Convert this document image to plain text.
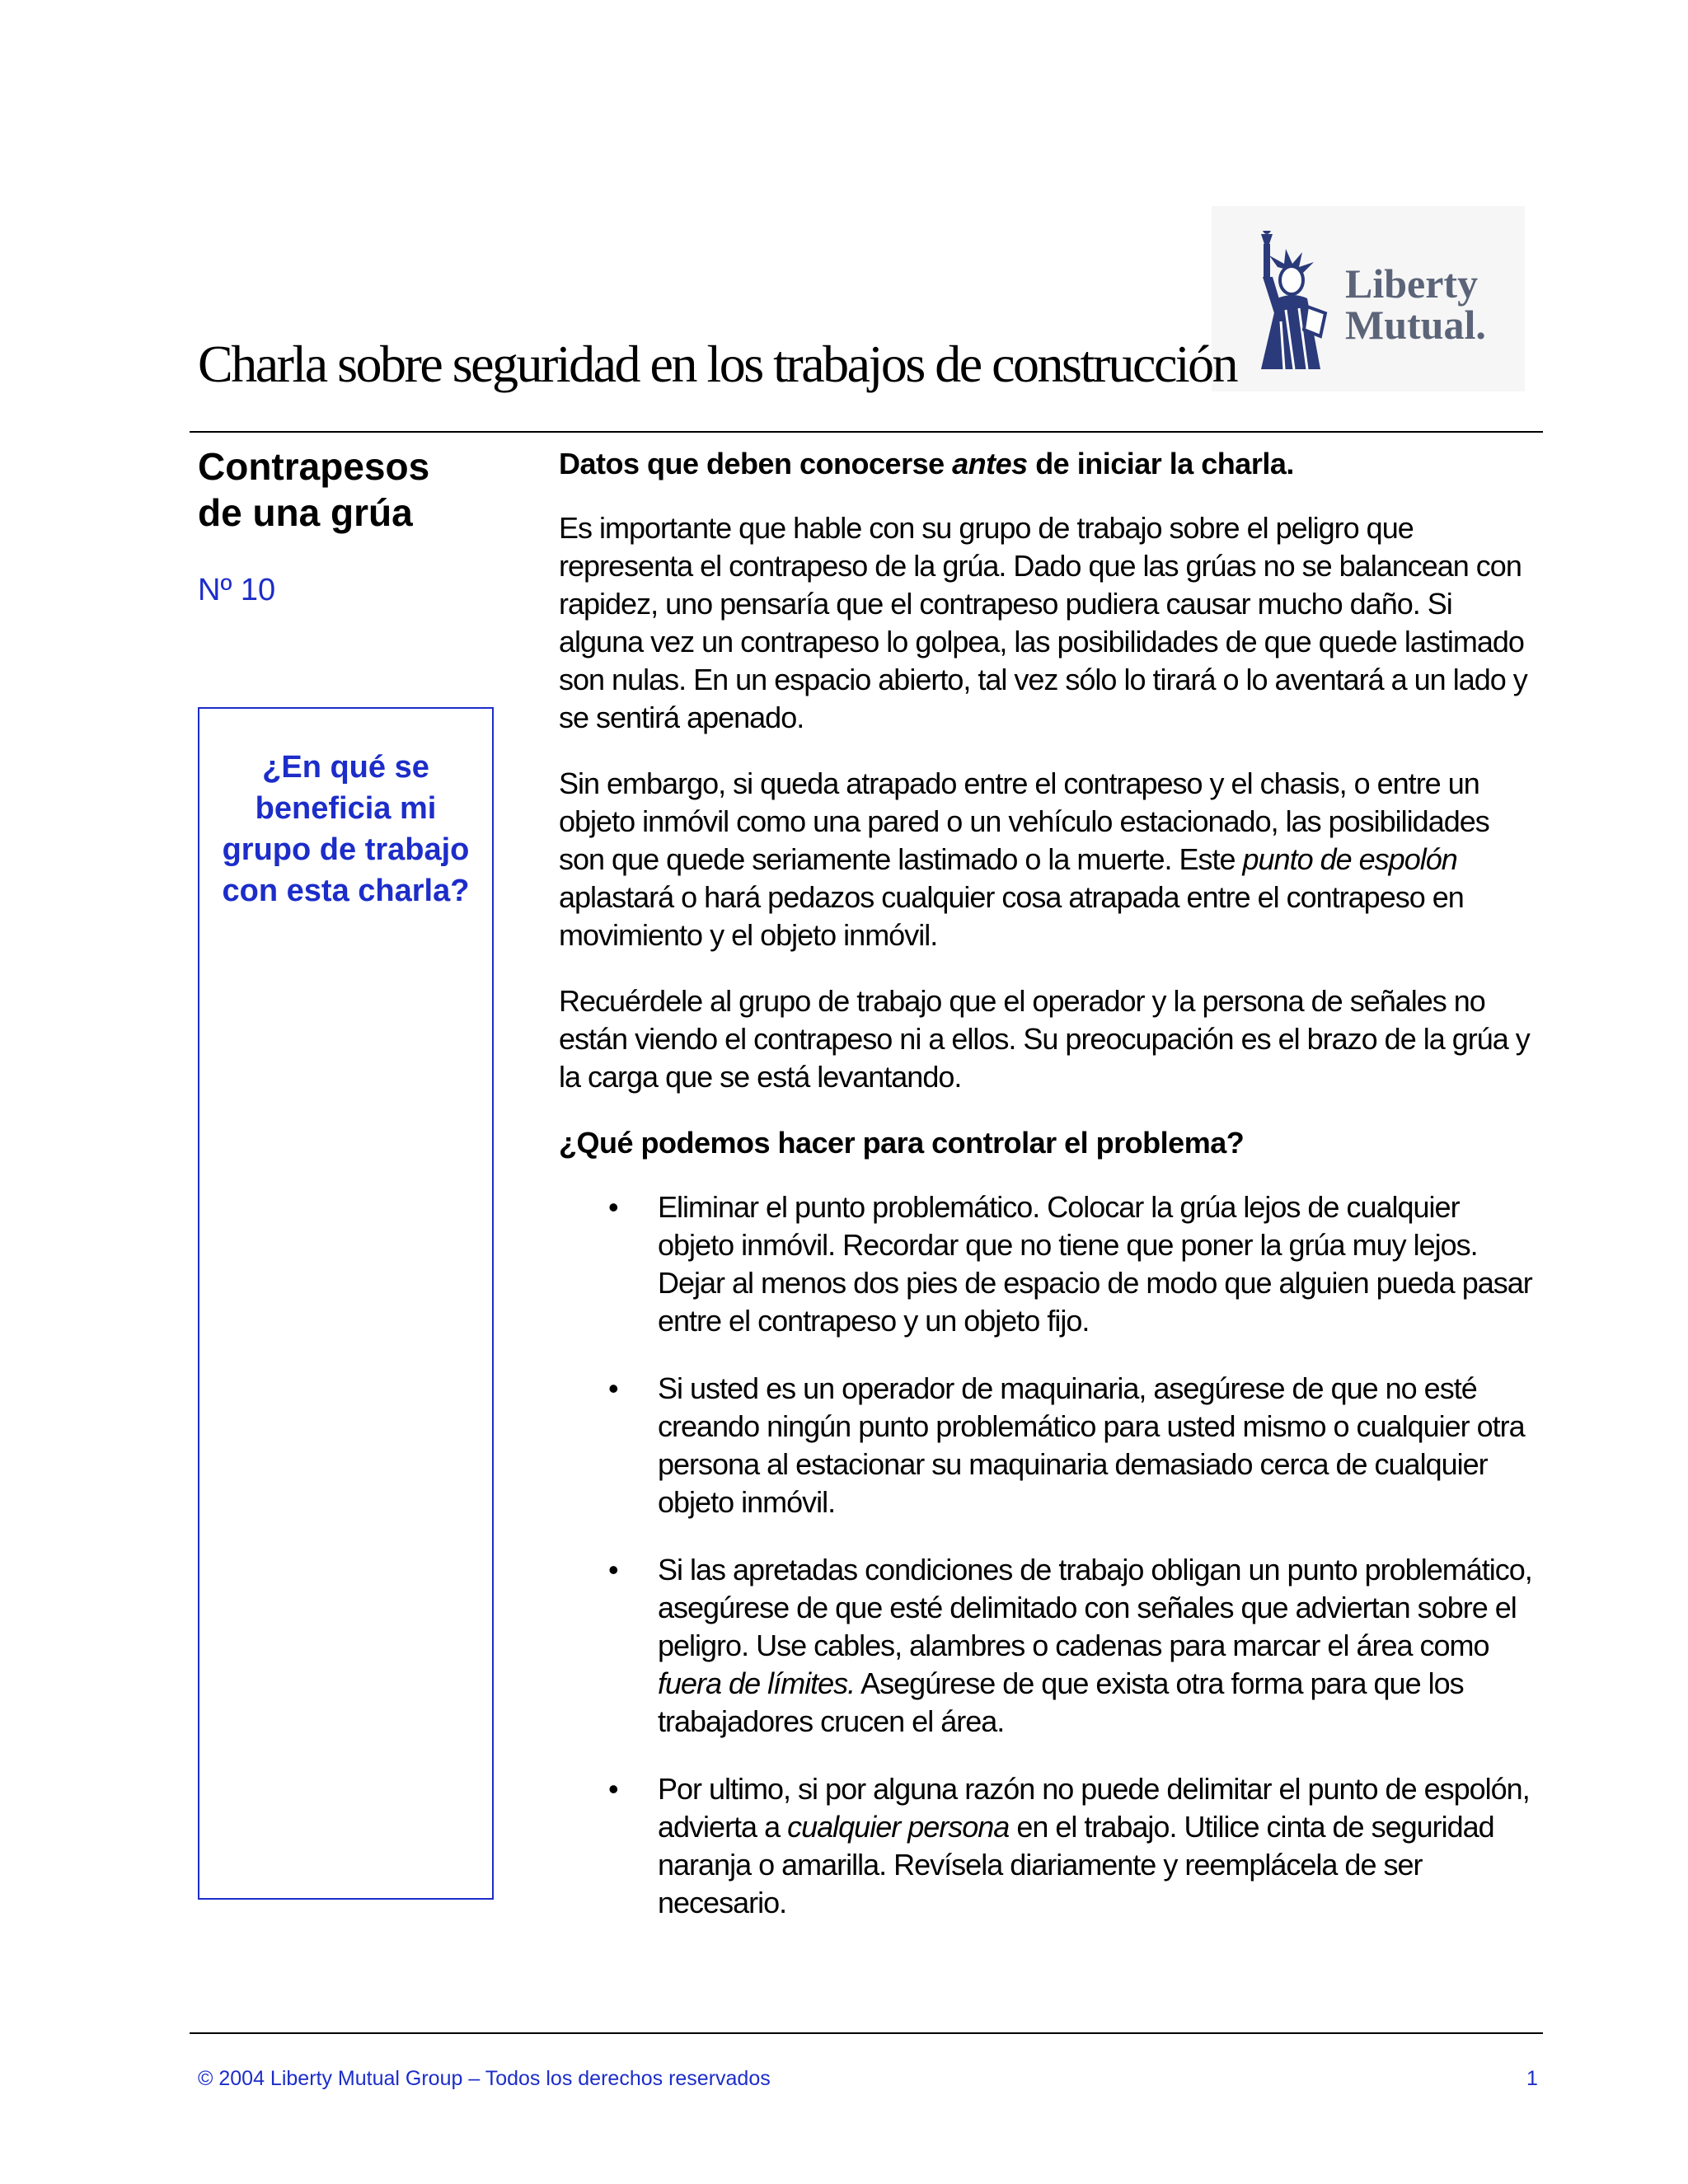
Liberty
Mutual.
Charla sobre seguridad en los trabajos de construcción
Contrapesos
de una grúa
Nº 10
¿En qué se beneficia mi grupo de trabajo con esta charla?

Datos que deben conocerse antes de iniciar la charla.

Es importante que hable con su grupo de trabajo sobre el peligro que representa el contrapeso de la grúa. Dado que las grúas no se balancean con rapidez, uno pensaría que el contrapeso pudiera causar mucho daño. Si alguna vez un contrapeso lo golpea, las posibilidades de que quede lastimado son nulas. En un espacio abierto, tal vez sólo lo tirará o lo aventará a un lado y se sentirá apenado.

Sin embargo, si queda atrapado entre el contrapeso y el chasis, o entre un objeto inmóvil como una pared o un vehículo estacionado, las posibilidades son que quede seriamente lastimado o la muerte. Este punto de espolón aplastará o hará pedazos cualquier cosa atrapada entre el contrapeso en movimiento y el objeto inmóvil.

Recuérdele al grupo de trabajo que el operador y la persona de señales no están viendo el contrapeso ni a ellos. Su preocupación es el brazo de la grúa y la carga que se está levantando.

¿Qué podemos hacer para controlar el problema?

• Eliminar el punto problemático. Colocar la grúa lejos de cualquier objeto inmóvil. Recordar que no tiene que poner la grúa muy lejos. Dejar al menos dos pies de espacio de modo que alguien pueda pasar entre el contrapeso y un objeto fijo.
• Si usted es un operador de maquinaria, asegúrese de que no esté creando ningún punto problemático para usted mismo o cualquier otra persona al estacionar su maquinaria demasiado cerca de cualquier objeto inmóvil.
• Si las apretadas condiciones de trabajo obligan un punto problemático, asegúrese de que esté delimitado con señales que adviertan sobre el peligro. Use cables, alambres o cadenas para marcar el área como fuera de límites. Asegúrese de que exista otra forma para que los trabajadores crucen el área.
• Por ultimo, si por alguna razón no puede delimitar el punto de espolón, advierta a cualquier persona en el trabajo. Utilice cinta de seguridad naranja o amarilla. Revísela diariamente y reemplácela de ser necesario.
© 2004 Liberty Mutual Group – Todos los derechos reservados	1
